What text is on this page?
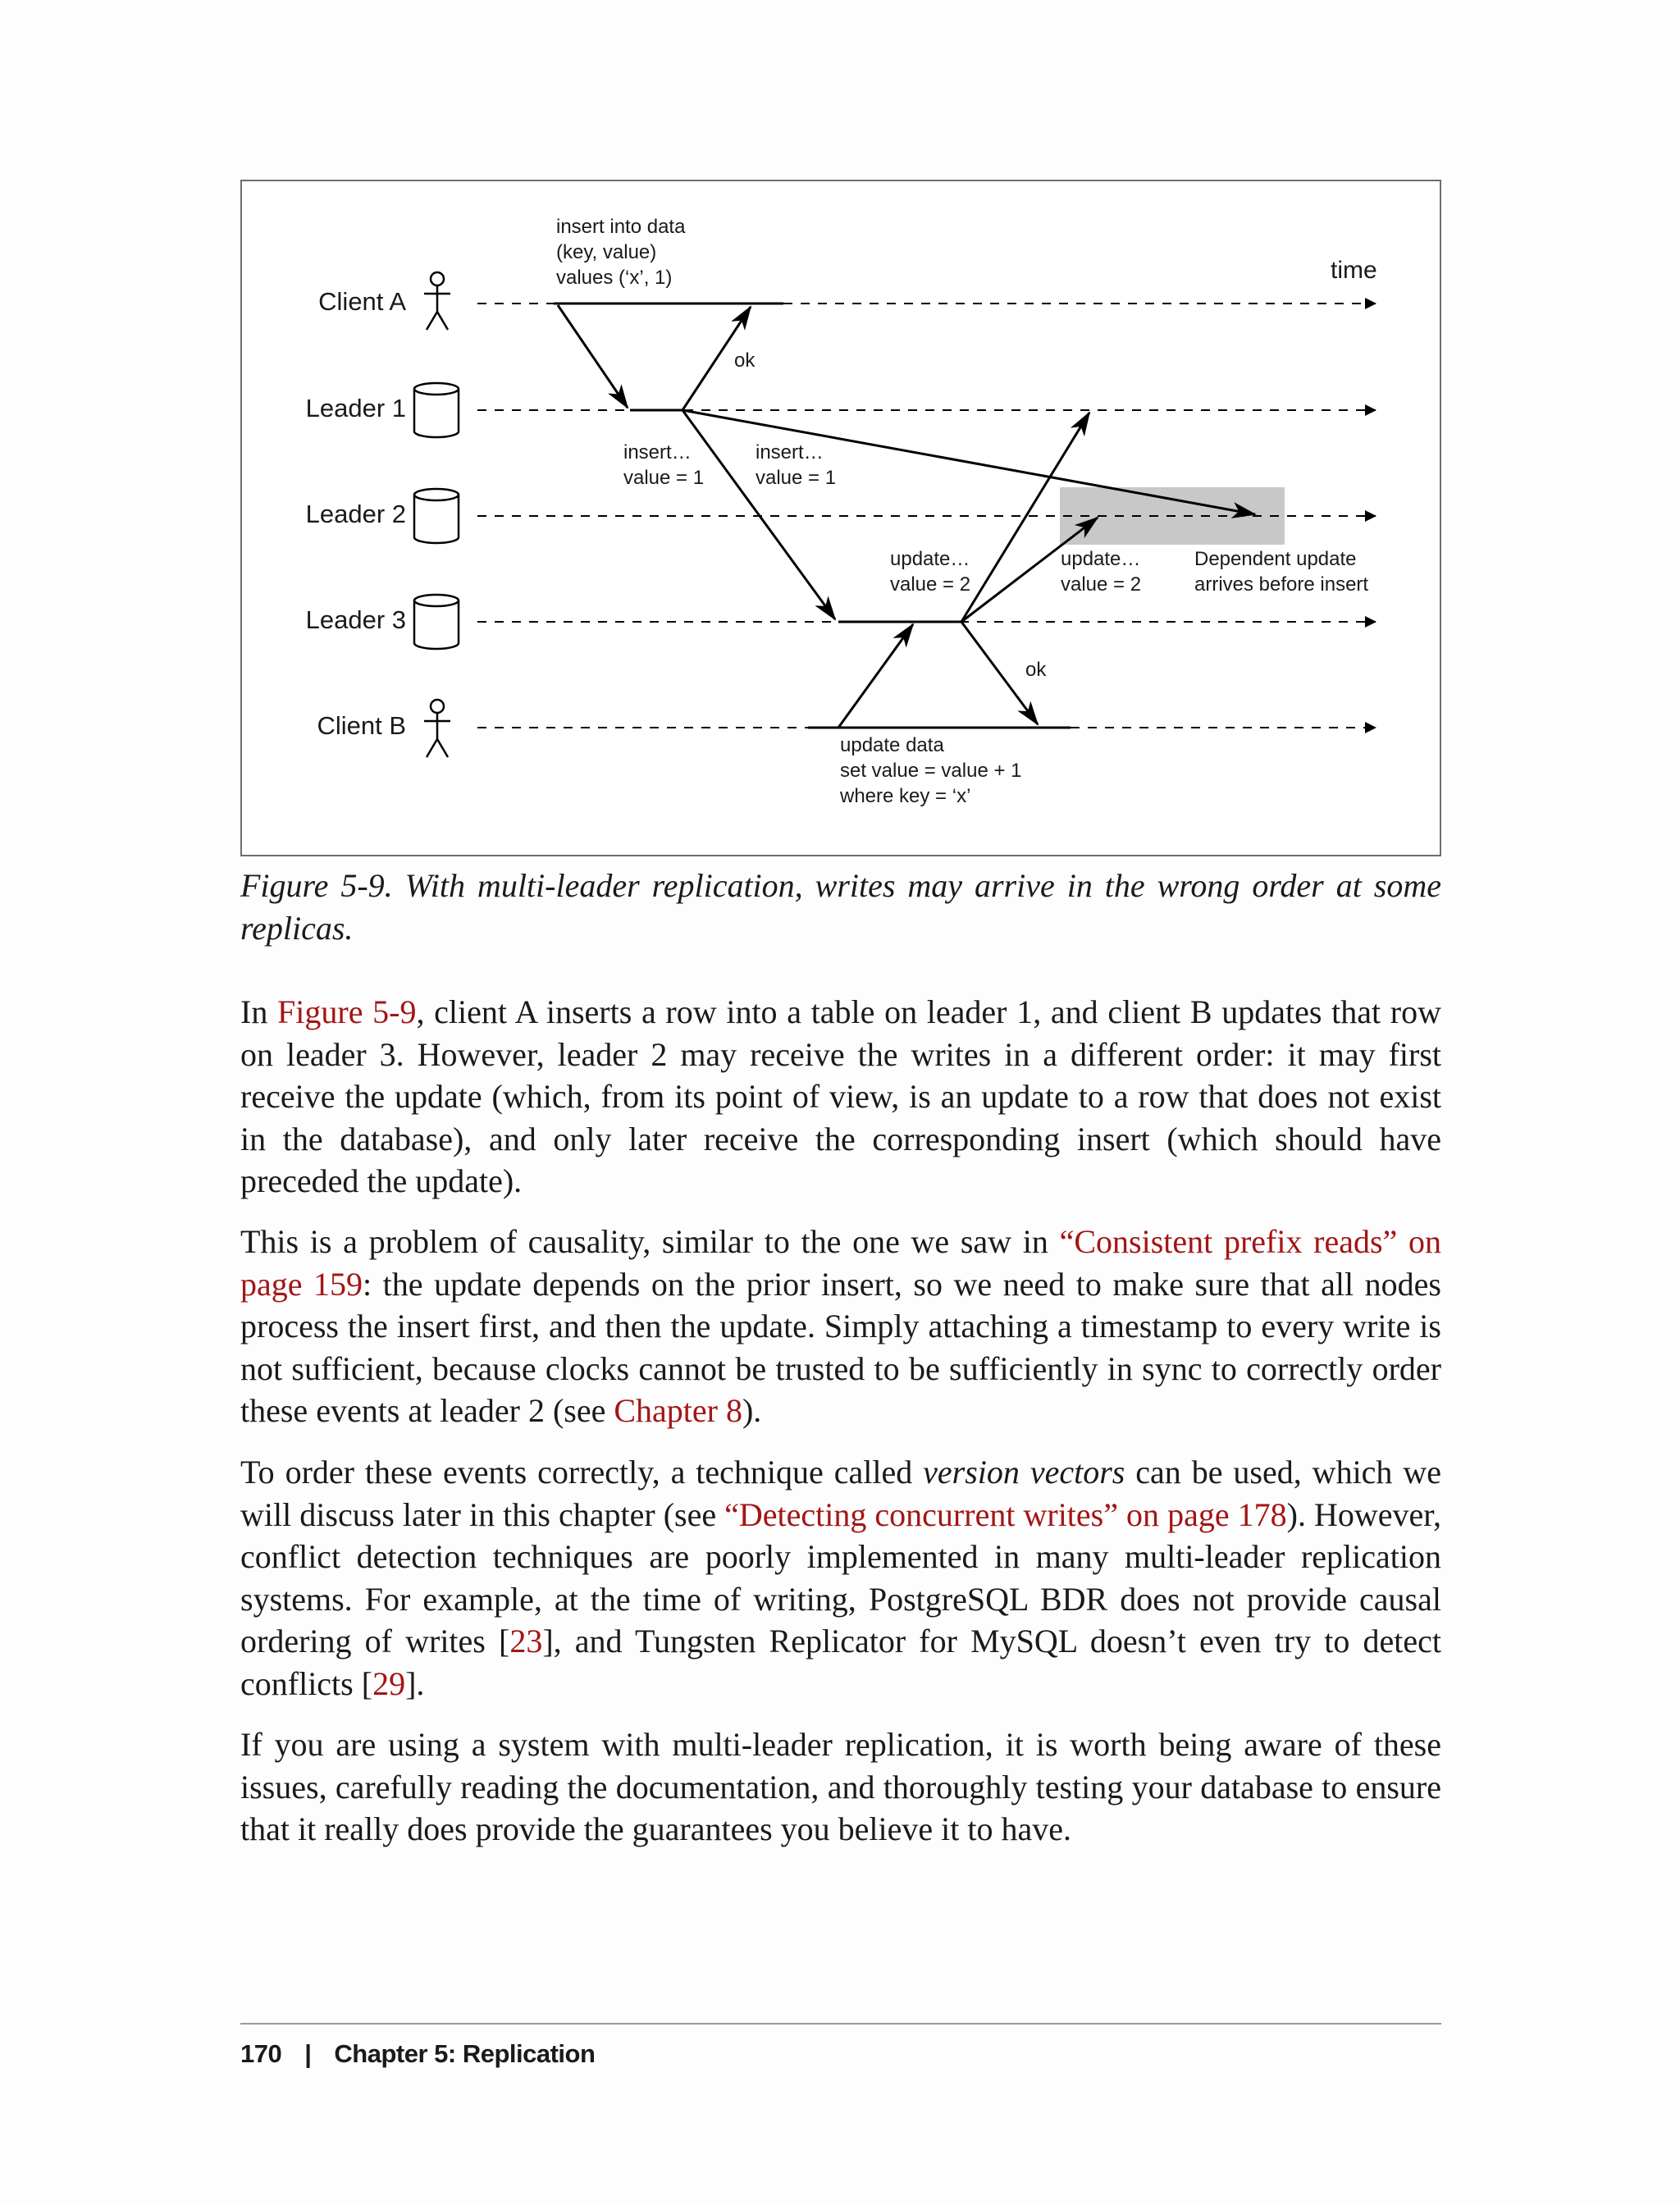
Client A
Leader 1
Leader 2
Leader 3
Client B
time
insert into data
(key, value)
values (‘x’, 1)
ok
insert…
value = 1
insert…
value = 1
update…
value = 2
update…
value = 2
Dependent update
arrives before insert
ok
update data
set value = value + 1
where key = ‘x’
Figure 5-9. With multi-leader replication, writes may arrive in the wrong order at some replicas.

In Figure 5-9, client A inserts a row into a table on leader 1, and client B updates that row on leader 3. However, leader 2 may receive the writes in a different order: it may first receive the update (which, from its point of view, is an update to a row that does not exist in the database), and only later receive the corresponding insert (which should have preceded the update).

This is a problem of causality, similar to the one we saw in “Consistent prefix reads” on page 159: the update depends on the prior insert, so we need to make sure that all nodes process the insert first, and then the update. Simply attaching a timestamp to every write is not sufficient, because clocks cannot be trusted to be sufficiently in sync to correctly order these events at leader 2 (see Chapter 8).

To order these events correctly, a technique called version vectors can be used, which we will discuss later in this chapter (see “Detecting concurrent writes” on page 178). However, conflict detection techniques are poorly implemented in many multi-leader replication systems. For example, at the time of writing, PostgreSQL BDR does not provide causal ordering of writes [23], and Tungsten Replicator for MySQL doesn’t even try to detect conflicts [29].

If you are using a system with multi-leader replication, it is worth being aware of these issues, carefully reading the documentation, and thoroughly testing your database to ensure that it really does provide the guarantees you believe it to have.

170 | Chapter 5: Replication
